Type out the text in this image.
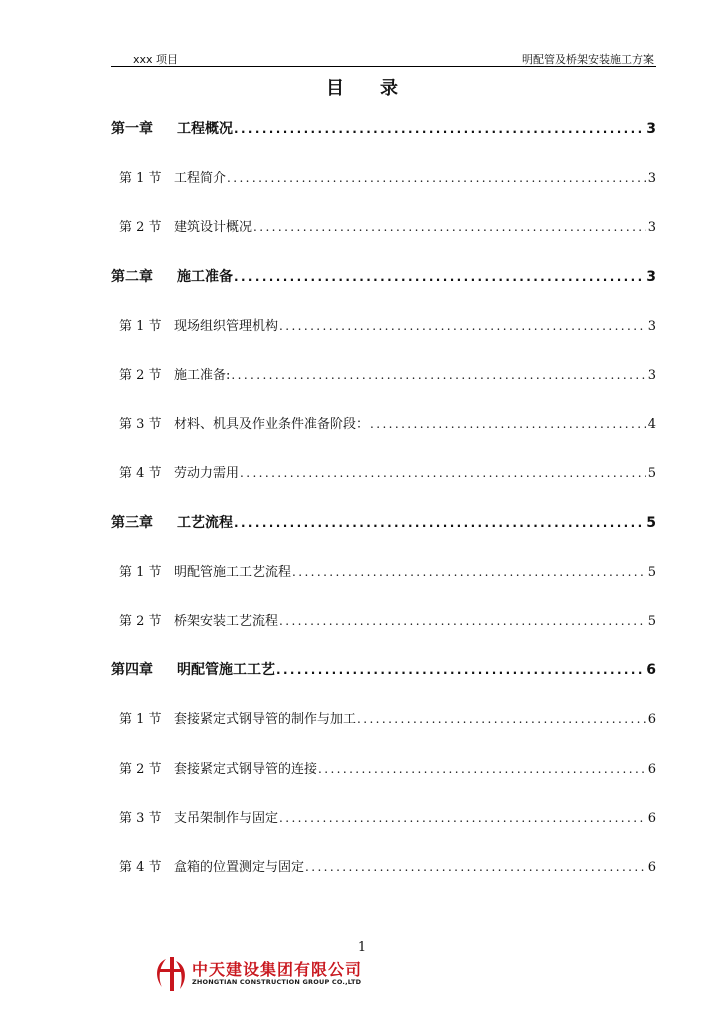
xxx 项目	明配管及桥架安装施工方案
目　　录
第一章	工程概况 .....	3
第 1 节 工程简介 .....	3
第 2 节 建筑设计概况 .....	3
第二章	施工准备 .....	3
第 1 节 现场组织管理机构 .....	3
第 2 节 施工准备: .....	3
第 3 节 材料、机具及作业条件准备阶段： .....	4
第 4 节 劳动力需用 .....	5
第三章	工艺流程 .....	5
第 1 节 明配管施工工艺流程 .....	5
第 2 节 桥架安装工艺流程 .....	5
第四章	明配管施工工艺 .....	6
第 1 节 套接紧定式钢导管的制作与加工 .....	6
第 2 节 套接紧定式钢导管的连接 .....	6
第 3 节 支吊架制作与固定 .....	6
第 4 节 盒箱的位置测定与固定 .....	6
1
中天建设集团有限公司
ZHONGTIAN CONSTRUCTION GROUP CO.,LTD
